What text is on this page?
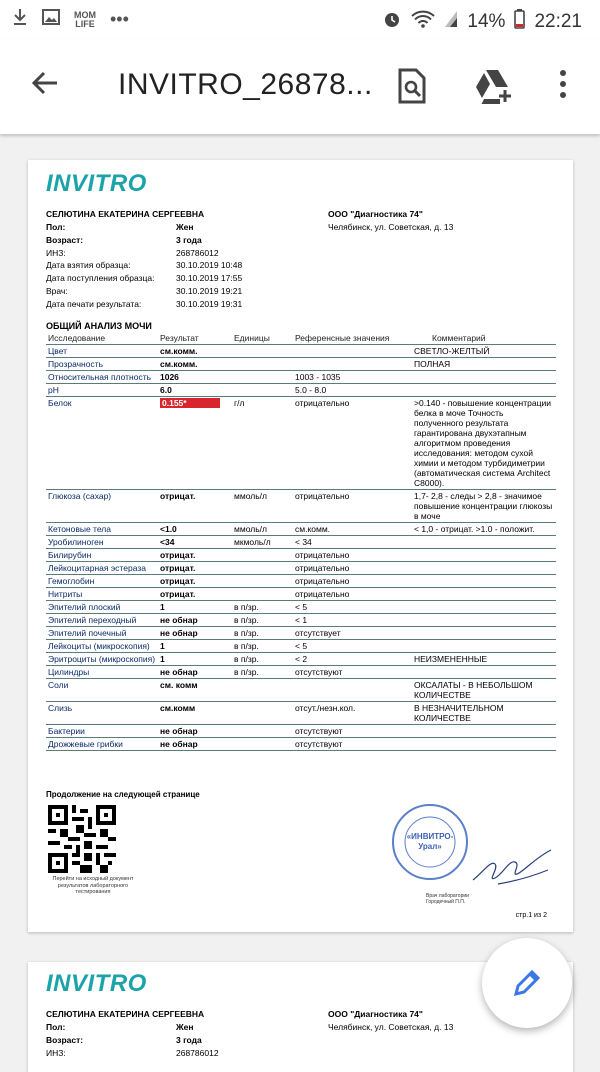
MOM
LIFE •••	14% 22:21
INVITRO_26878...
INVITRO
СЕЛЮТИНА ЕКАТЕРИНА СЕРГЕЕВНА	ООО "Диагностика 74"
Челябинск, ул. Советская, д. 13
Пол:	Жен
Возраст:	3 года
ИНЗ:	268786012
Дата взятия образца:	30.10.2019 10:48
Дата поступления образца:	30.10.2019 17:55
Врач:	30.10.2019 19:21
Дата печати результата:	30.10.2019 19:31
ОБЩИЙ АНАЛИЗ МОЧИ
Исследование	Результат	Единицы	Референсные значения	Комментарий
Цвет	см.комм.			СВЕТЛО-ЖЕЛТЫЙ
Прозрачность	см.комм.			ПОЛНАЯ
Относительная плотность	1026		1003 - 1035	
pH	6.0		5.0 - 8.0	
Белок	0.155*	г/л	отрицательно	>0.140 - повышение концентрации белка в моче Точность полученного результата гарантирована двухэтапным алгоритмом проведения исследования: методом сухой химии и методом турбидиметрии (автоматическая система Architect С8000).
Глюкоза (сахар)	отрицат.	ммоль/л	отрицательно	1,7- 2,8 - следы > 2,8 - значимое повышение концентрации глюкозы в моче
Кетоновые тела	<1.0	ммоль/л	см.комм.	< 1,0 - отрицат. >1.0 - положит.
Уробилиноген	<34	мкмоль/л	< 34	
Билирубин	отрицат.		отрицательно	
Лейкоцитарная эстераза	отрицат.		отрицательно	
Гемоглобин	отрицат.		отрицательно	
Нитриты	отрицат.		отрицательно	
Эпителий плоский	1	в п/зр.	< 5	
Эпителий переходный	не обнар	в п/зр.	< 1	
Эпителий почечный	не обнар	в п/зр.	отсутствует	
Лейкоциты (микроскопия)	1	в п/зр.	< 5	
Эритроциты (микроскопия)	1	в п/зр.	< 2	НЕИЗМЕНЕННЫЕ
Цилиндры	не обнар	в п/зр.	отсутствуют	
Соли	см. комм			ОКСАЛАТЫ - В НЕБОЛЬШОМ КОЛИЧЕСТВЕ
Слизь	см.комм		отсут./незн.кол.	В НЕЗНАЧИТЕЛЬНОМ КОЛИЧЕСТВЕ
Бактерии	не обнар		отсутствуют	
Дрожжевые грибки	не обнар		отсутствуют	
Продолжение на следующей странице
Перейти на исходный документ результатов лабораторного тестирования
«ИНВИТРО-
Урал»
Врач лаборатории
Городечный П.П.
стр.1 из 2
INVITRO
СЕЛЮТИНА ЕКАТЕРИНА СЕРГЕЕВНА	ООО "Диагностика 74"
Челябинск, ул. Советская, д. 13
Пол:	Жен
Возраст:	3 года
ИНЗ:	268786012
